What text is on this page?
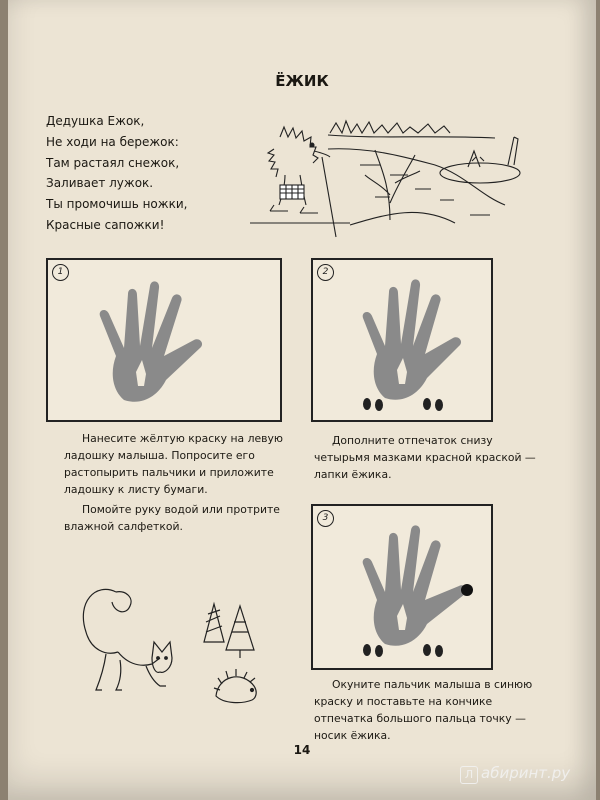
ЁЖИК
Дедушка Ежок,
Не ходи на бережок:
Там растаял снежок,
Заливает лужок.
Ты промочишь ножки,
Красные сапожки!
1	2

Нанесите жёлтую краску на левую ладошку малыша. Попросите его растопырить пальчики и приложите ладошку к листу бумаги.

Помойте руку водой или протрите влажной салфеткой.

Дополните отпечаток снизу четырьмя мазками красной краской — лапки ёжика.

3

Окуните пальчик малыша в синюю краску и поставьте на кончике отпечатка большого пальца точку — носик ёжика.

14
Л абиринт.ру
